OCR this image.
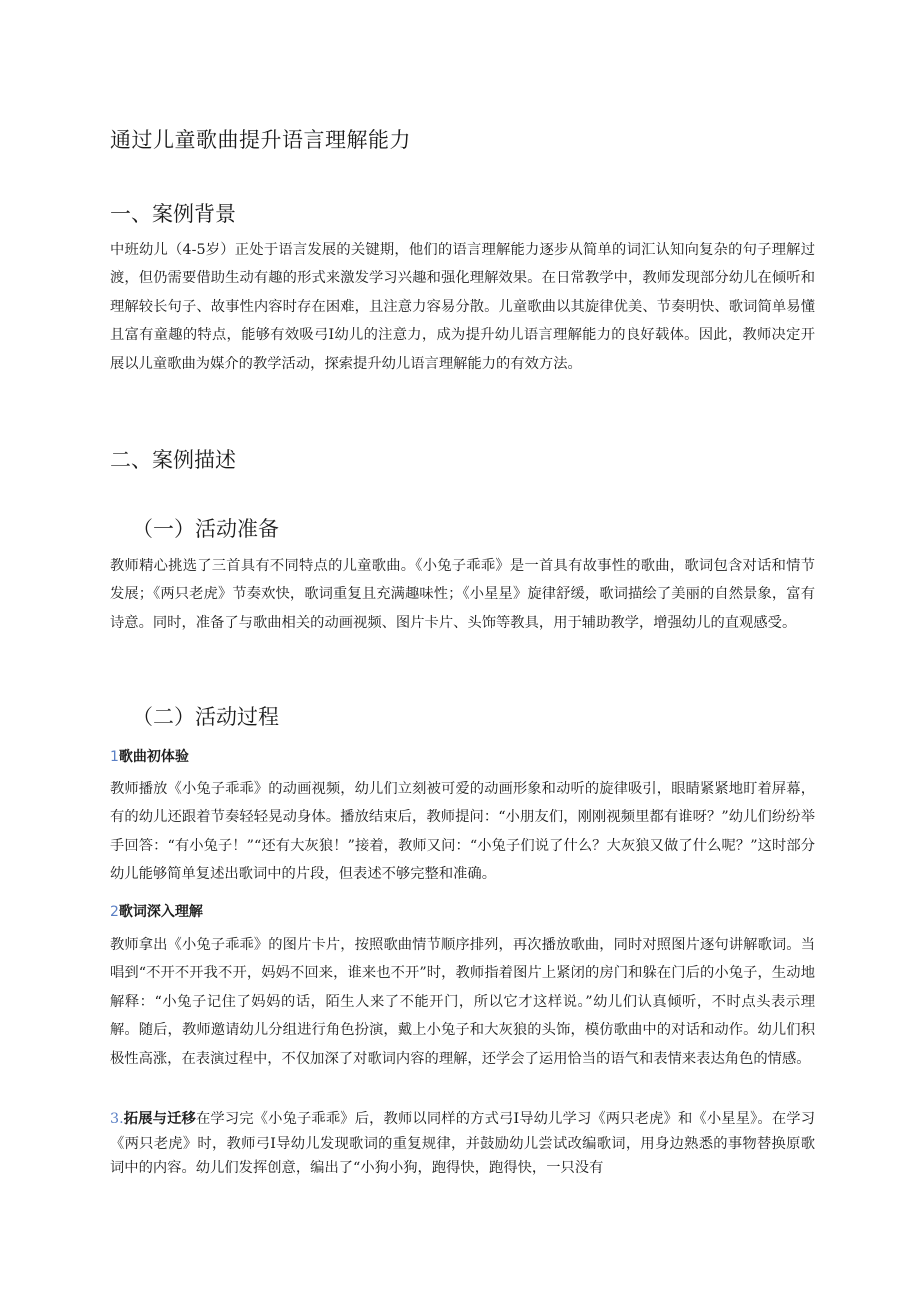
通过儿童歌曲提升语言理解能力
一、案例背景

中班幼儿（4-5岁）正处于语言发展的关键期，他们的语言理解能力逐步从简单的词汇认知向复杂的句子理解过渡，但仍需要借助生动有趣的形式来激发学习兴趣和强化理解效果。在日常教学中，教师发现部分幼儿在倾听和理解较长句子、故事性内容时存在困难，且注意力容易分散。儿童歌曲以其旋律优美、节奏明快、歌词简单易懂且富有童趣的特点，能够有效吸弓I幼儿的注意力，成为提升幼儿语言理解能力的良好载体。因此，教师决定开展以儿童歌曲为媒介的教学活动，探索提升幼儿语言理解能力的有效方法。

二、案例描述
（一）活动准备

教师精心挑选了三首具有不同特点的儿童歌曲。《小兔子乖乖》是一首具有故事性的歌曲，歌词包含对话和情节发展；《两只老虎》节奏欢快，歌词重复且充满趣味性；《小星星》旋律舒缓，歌词描绘了美丽的自然景象，富有诗意。同时，准备了与歌曲相关的动画视频、图片卡片、头饰等教具，用于辅助教学，增强幼儿的直观感受。

（二）活动过程
1歌曲初体验

教师播放《小兔子乖乖》的动画视频，幼儿们立刻被可爱的动画形象和动听的旋律吸引，眼睛紧紧地盯着屏幕，有的幼儿还跟着节奏轻轻晃动身体。播放结束后，教师提问：“小朋友们，刚刚视频里都有谁呀？”幼儿们纷纷举手回答：“有小兔子！”“还有大灰狼！”接着，教师又问：“小兔子们说了什么？大灰狼又做了什么呢？”这时部分幼儿能够简单复述出歌词中的片段，但表述不够完整和准确。

2歌词深入理解

教师拿出《小兔子乖乖》的图片卡片，按照歌曲情节顺序排列，再次播放歌曲，同时对照图片逐句讲解歌词。当唱到“不开不开我不开，妈妈不回来，谁来也不开”时，教师指着图片上紧闭的房门和躲在门后的小兔子，生动地解释：“小兔子记住了妈妈的话，陌生人来了不能开门，所以它才这样说。”幼儿们认真倾听，不时点头表示理解。随后，教师邀请幼儿分组进行角色扮演，戴上小兔子和大灰狼的头饰，模仿歌曲中的对话和动作。幼儿们积极性高涨，在表演过程中，不仅加深了对歌词内容的理解，还学会了运用恰当的语气和表情来表达角色的情感。

3.拓展与迁移在学习完《小兔子乖乖》后，教师以同样的方式弓I导幼儿学习《两只老虎》和《小星星》。在学习《两只老虎》时，教师弓I导幼儿发现歌词的重复规律，并鼓励幼儿尝试改编歌词，用身边熟悉的事物替换原歌词中的内容。幼儿们发挥创意，编出了“小狗小狗，跑得快，跑得快，一只没有
